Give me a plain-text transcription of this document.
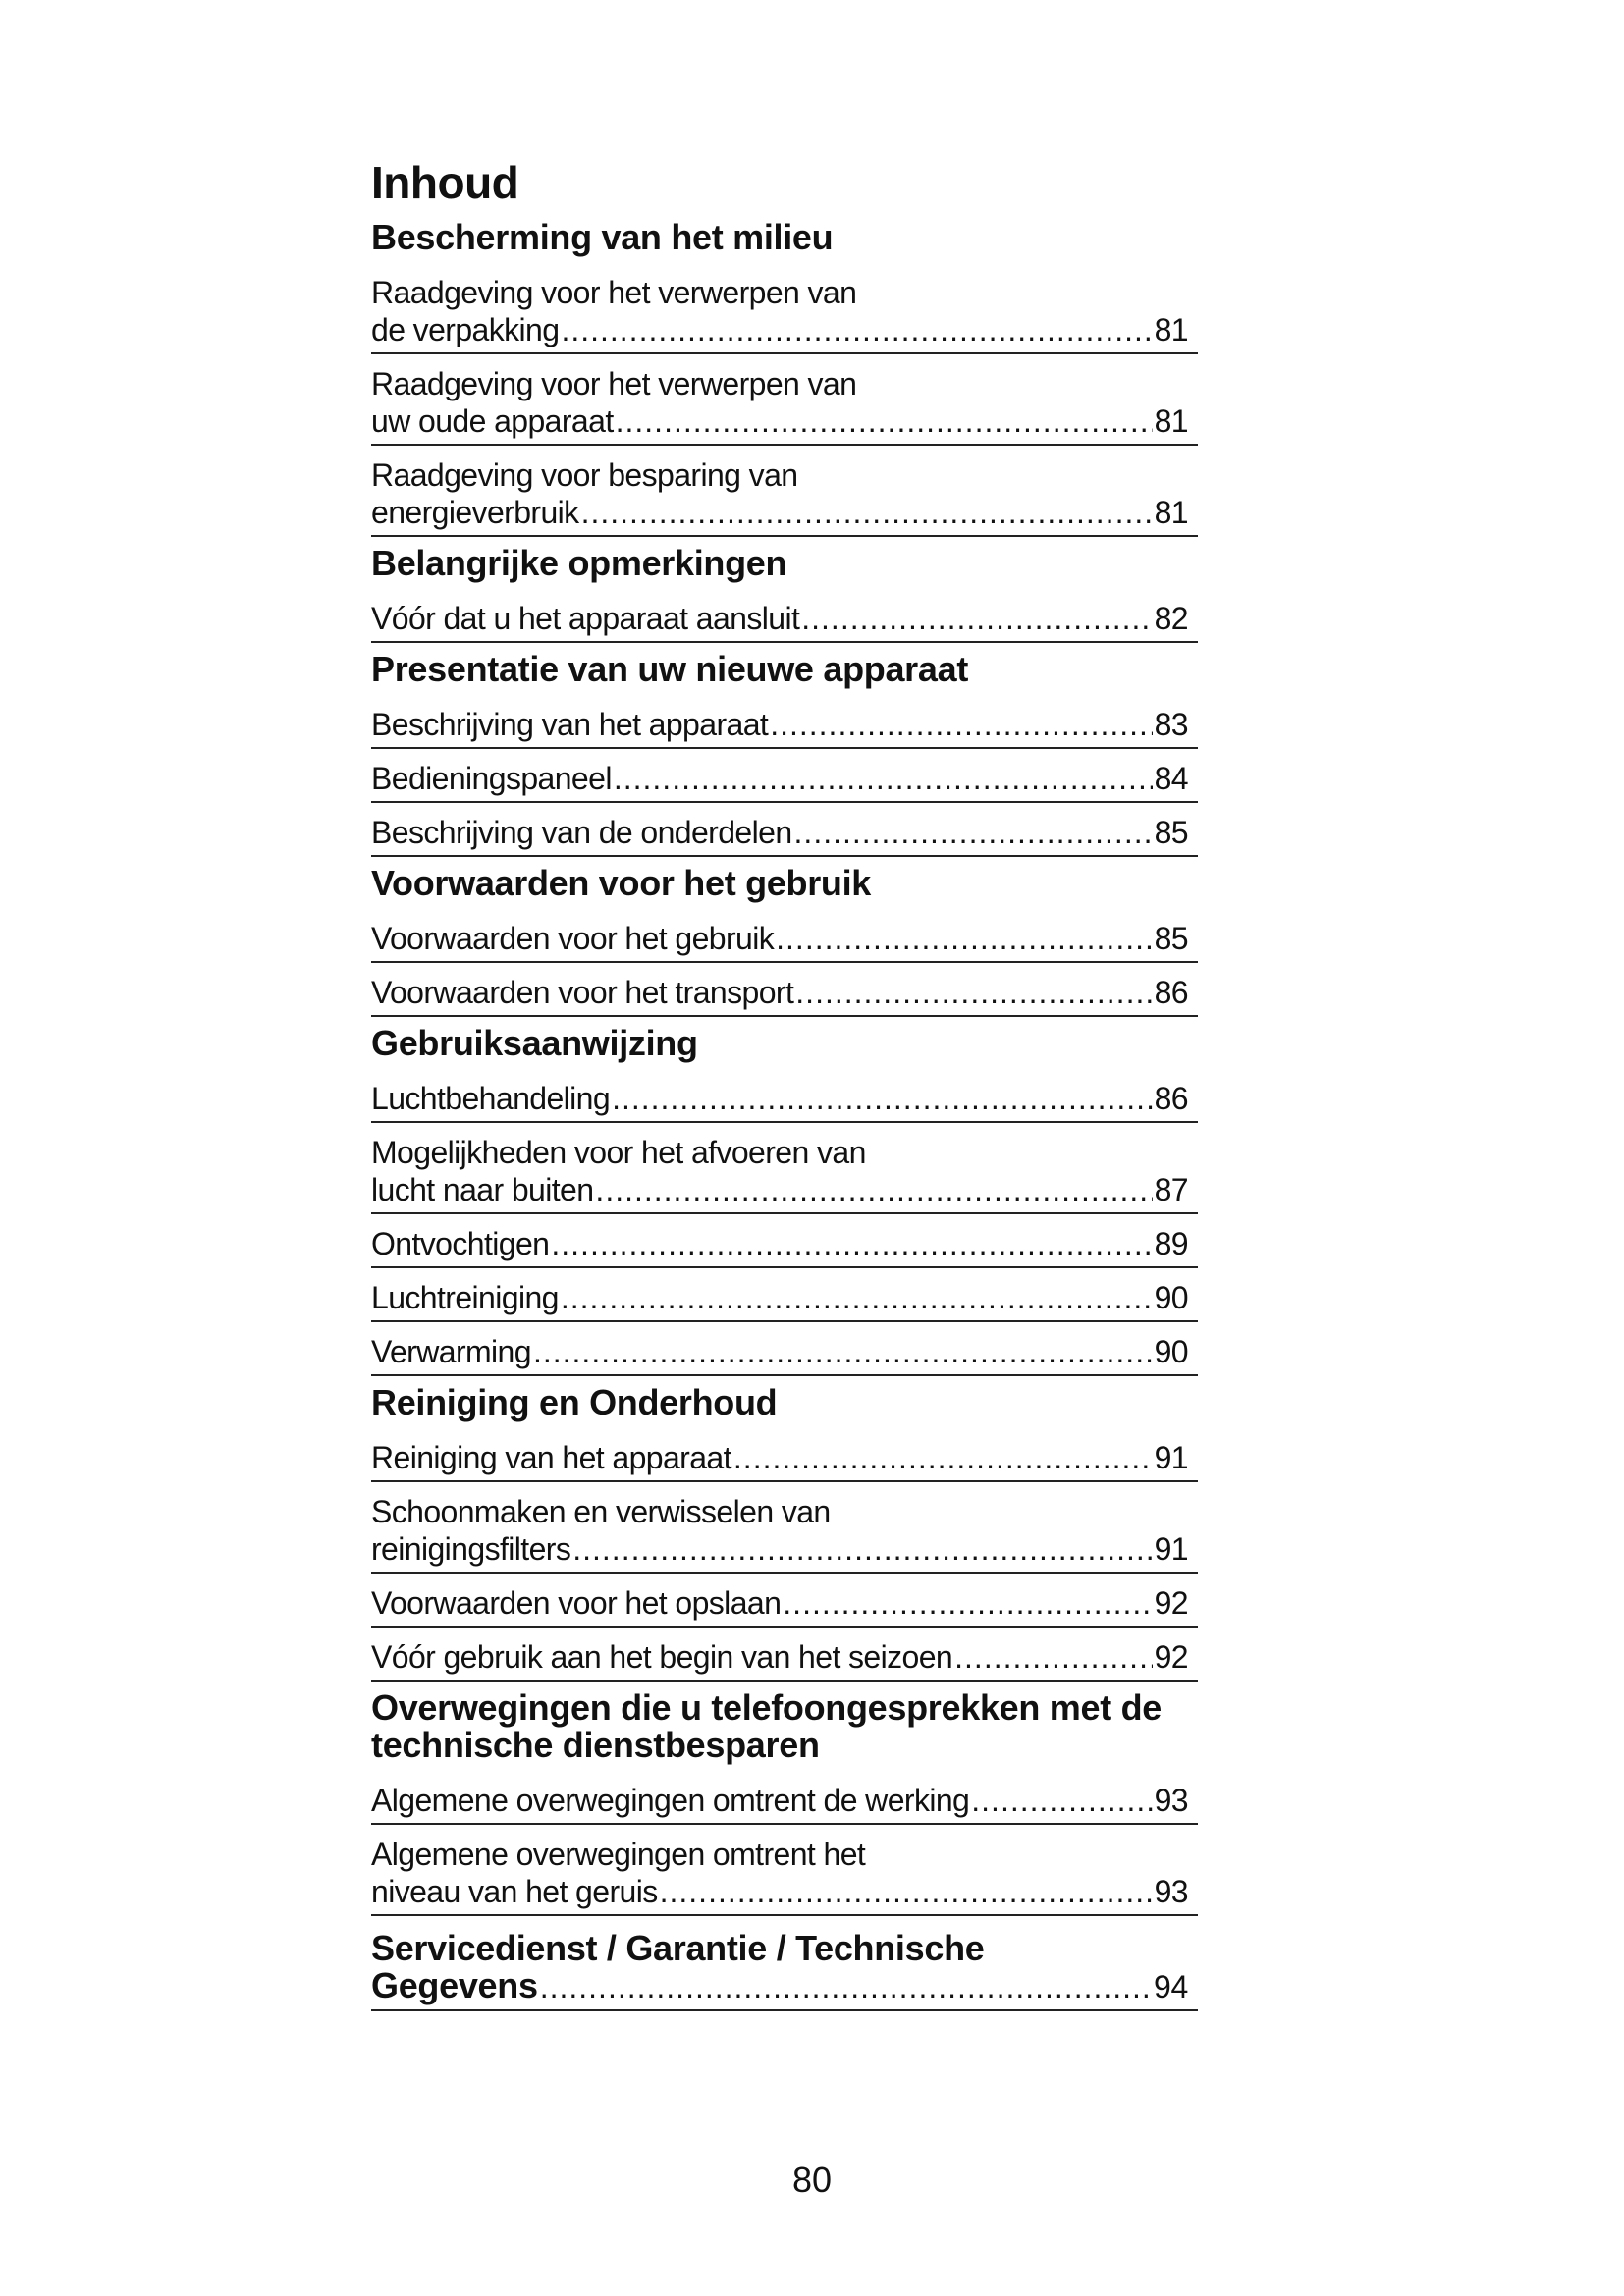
Inhoud
Bescherming van het milieu
Raadgeving voor het verwerpen van
de verpakking .....	81
Raadgeving voor het verwerpen van
uw oude apparaat .....	81
Raadgeving voor besparing van
energieverbruik .....	81
Belangrijke opmerkingen
Vóór dat u het apparaat aansluit .....	82
Presentatie van uw nieuwe apparaat
Beschrijving van het apparaat .....	83
Bedieningspaneel .....	84
Beschrijving van de onderdelen .....	85
Voorwaarden voor het gebruik
Voorwaarden voor het gebruik .....	85
Voorwaarden voor het transport .....	86
Gebruiksaanwijzing
Luchtbehandeling .....	86
Mogelijkheden voor het afvoeren van
lucht naar buiten .....	87
Ontvochtigen .....	89
Luchtreiniging .....	90
Verwarming .....	90
Reiniging en Onderhoud
Reiniging van het apparaat .....	91
Schoonmaken en verwisselen van
reinigingsfilters .....	91
Voorwaarden voor het opslaan .....	92
Vóór gebruik aan het begin van het seizoen .....	92
Overwegingen die u telefoongesprekken met de technische dienstbesparen
Algemene overwegingen omtrent de werking .....	93
Algemene overwegingen omtrent het
niveau van het geruis .....	93
Servicedienst / Garantie / Technische
Gegevens .....	94
80
